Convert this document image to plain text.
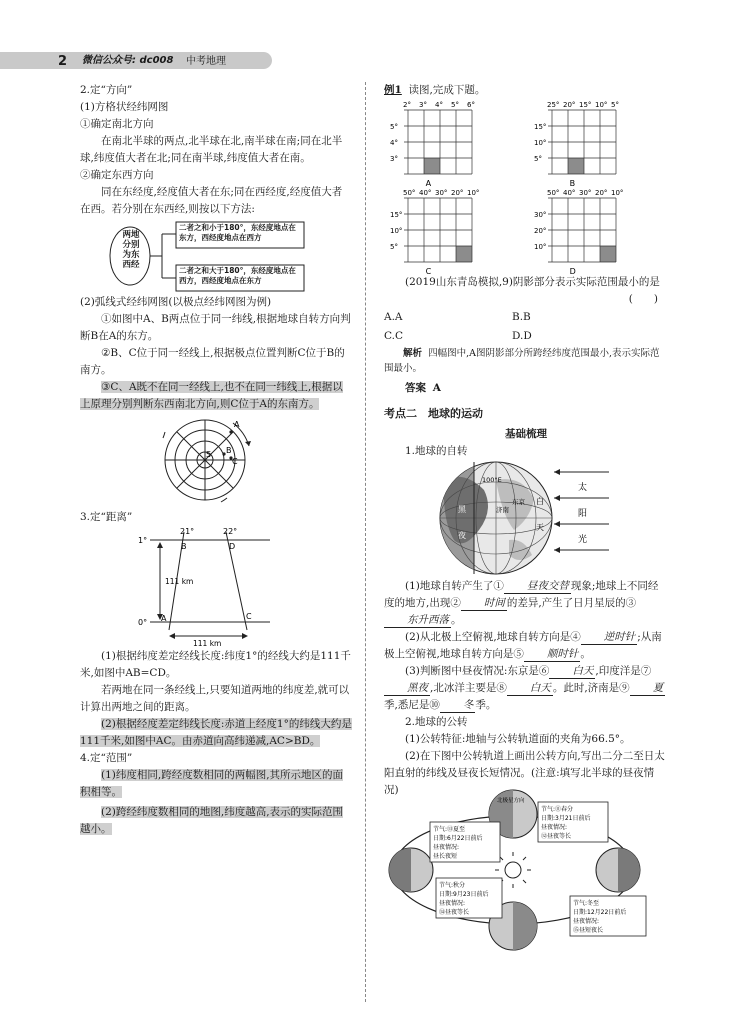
2 微信公众号: dc008 中考地理

2.定“方向”

(1)方格状经纬网图

①确定南北方向

在南北半球的两点,北半球在北,南半球在南;同在北半球,纬度值大者在北;同在南半球,纬度值大者在南。

②确定东西方向

同在东经度,经度值大者在东;同在西经度,经度值大者在西。若分别在东西经,则按以下方法:

两地分别为东西经
二者之和小于180°，东经度地点在东方，西经度地点在西方
二者之和大于180°，东经度地点在西方，西经度地点在东方

(2)弧线式经纬网图(以极点经纬网图为例)

①如图中A、B两点位于同一纬线,根据地球自转方向判断B在A的东方。

②B、C位于同一经线上,根据极点位置判断C位于B的南方。

③C、A既不在同一经线上,也不在同一纬线上,根据以上原理分别判断东西南北方向,则C位于A的东南方。

A
B
S
C

3.定“距离”

21°	22°
1°
0°
B	D
A	C
111 km
111 km

(1)根据纬度差定经线长度:纬度1°的经线大约是111千米,如图中AB=CD。

若两地在同一条经线上,只要知道两地的纬度差,就可以计算出两地之间的距离。

(2)根据经度差定纬线长度:赤道上经度1°的纬线大约是111千米,如图中AC。由赤道向高纬递减,AC>BD。

4.定“范围”

(1)纬度相同,跨经度数相同的两幅图,其所示地区的面积相等。

(2)跨经纬度数相同的地图,纬度越高,表示的实际范围越小。

例1 读图,完成下题。

2° 3° 4° 5° 6°
5°
4°
3°
A
25° 20° 15° 10° 5°
15°
10°
5°
B
50° 40° 30° 20° 10°
15°
10°
5°
C
50° 40° 30° 20° 10°
30°
20°
10°
D

(2019山东青岛模拟,9)阴影部分表示实际范围最小的是

(　　)

A.A	B.B
C.C	D.D

解析 四幅图中,A图阴影部分所跨经纬度范围最小,表示实际范围最小。

答案 A

考点二　地球的运动

基础梳理

1.地球的自转

太
阳
光
黑
夜
白
天
济南
东京
100°E

(1)地球自转产生了① 昼夜交替 现象;地球上不同经度的地方,出现② 时间 的差异,产生了日月星辰的③东升西落 。

(2)从北极上空俯视,地球自转方向是④ 逆时针 ;从南极上空俯视,地球自转方向是⑤ 顺时针 。

(3)判断图中昼夜情况:东京是⑥ 白天 ,印度洋是⑦黑夜 ,北冰洋主要是⑧ 白天 。此时,济南是⑨ 夏季,悉尼是⑩ 冬 季。

2.地球的公转

(1)公转特征:地轴与公转轨道面的夹角为66.5°。

(2)在下图中公转轨道上画出公转方向,写出二分二至日太阳直射的纬线及昼夜长短情况。(注意:填写北半球的昼夜情况)

北极星方向
节气:⑪春分
日期:3月21日前后
昼夜情况:
⑫昼夜等长
节气:⑬夏至
日期:6月22日前后
昼夜情况:
昼长夜短
节气:秋分
日期:9月23日前后
昼夜情况:
⑭昼夜等长
节气:冬至
日期:12月22日前后
昼夜情况:
⑮昼短夜长
